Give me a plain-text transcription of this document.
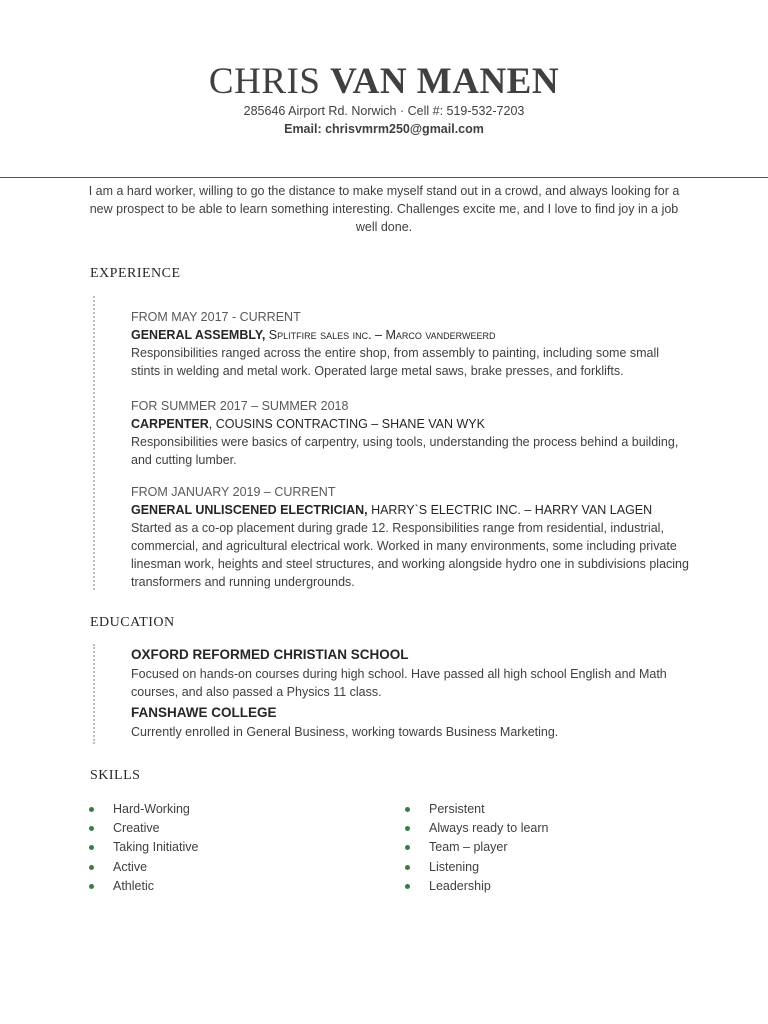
CHRIS VAN MANEN
285646 Airport Rd. Norwich · Cell #: 519-532-7203
Email: chrisvmrm250@gmail.com
I am a hard worker, willing to go the distance to make myself stand out in a crowd, and always looking for a new prospect to be able to learn something interesting. Challenges excite me, and I love to find joy in a job well done.
EXPERIENCE
FROM MAY 2017 - CURRENT
GENERAL ASSEMBLY, Splitfire sales inc. – Marco vanderweerd
Responsibilities ranged across the entire shop, from assembly to painting, including some small stints in welding and metal work. Operated large metal saws, brake presses, and forklifts.
FOR SUMMER 2017 – SUMMER 2018
CARPENTER, COUSINS CONTRACTING – SHANE VAN WYK
Responsibilities were basics of carpentry, using tools, understanding the process behind a building, and cutting lumber.
FROM JANUARY 2019 – CURRENT
GENERAL UNLISCENED ELECTRICIAN, HARRY`S ELECTRIC INC. – HARRY VAN LAGEN
Started as a co-op placement during grade 12. Responsibilities range from residential, industrial, commercial, and agricultural electrical work. Worked in many environments, some including private linesman work, heights and steel structures, and working alongside hydro one in subdivisions placing transformers and running undergrounds.
EDUCATION
OXFORD REFORMED CHRISTIAN SCHOOL
Focused on hands-on courses during high school. Have passed all high school English and Math courses, and also passed a Physics 11 class.
FANSHAWE COLLEGE
Currently enrolled in General Business, working towards Business Marketing.
SKILLS
Hard-Working
Creative
Taking Initiative
Active
Athletic
Persistent
Always ready to learn
Team – player
Listening
Leadership
